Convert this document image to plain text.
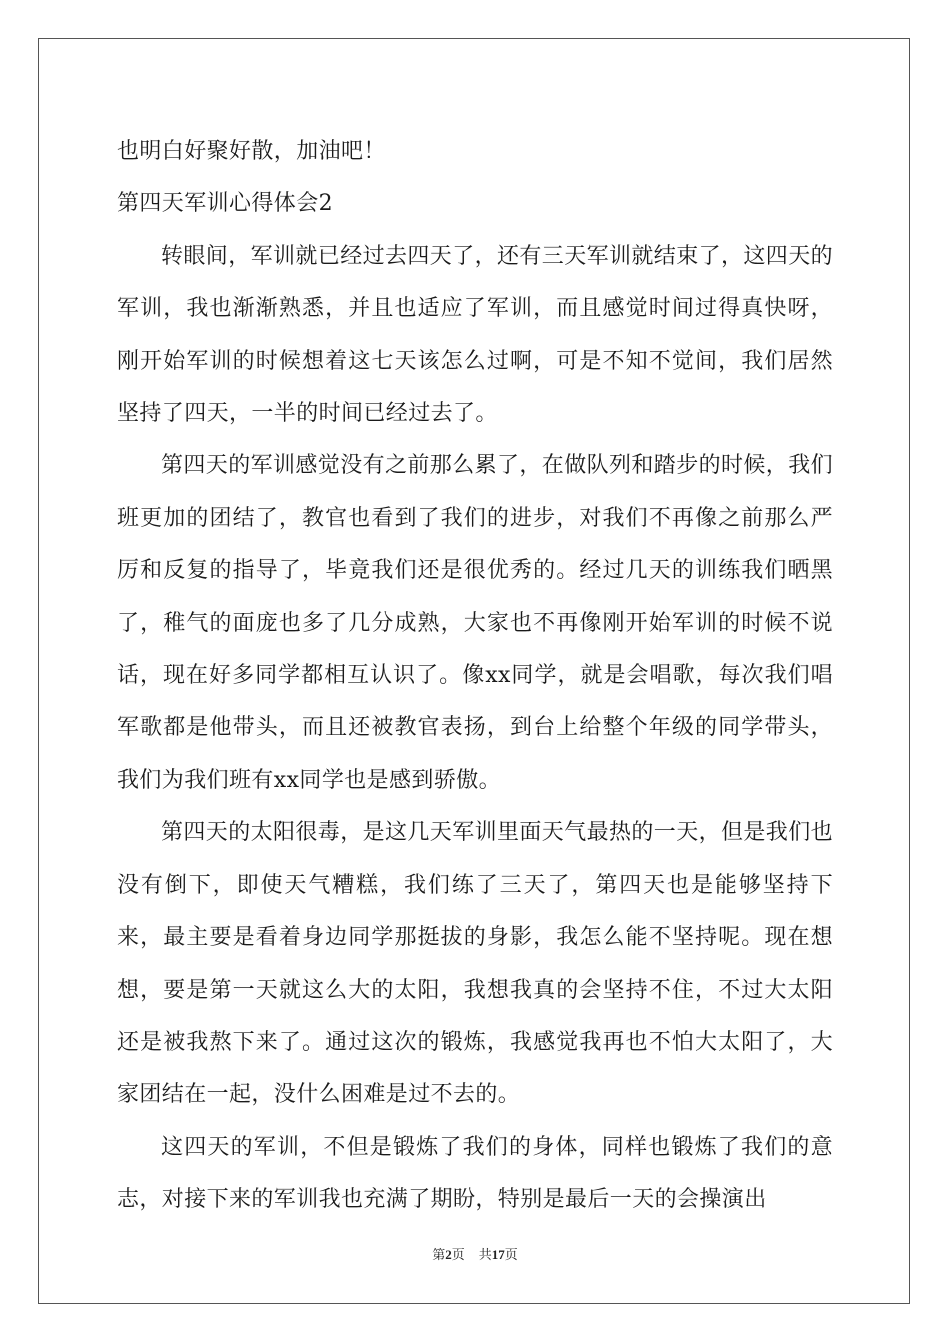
也明白好聚好散，加油吧！

第四天军训心得体会2

转眼间，军训就已经过去四天了，还有三天军训就结束了，这四天的军训，我也渐渐熟悉，并且也适应了军训，而且感觉时间过得真快呀，刚开始军训的时候想着这七天该怎么过啊，可是不知不觉间，我们居然坚持了四天，一半的时间已经过去了。

第四天的军训感觉没有之前那么累了，在做队列和踏步的时候，我们班更加的团结了，教官也看到了我们的进步，对我们不再像之前那么严厉和反复的指导了，毕竟我们还是很优秀的。经过几天的训练我们晒黑了，稚气的面庞也多了几分成熟，大家也不再像刚开始军训的时候不说话，现在好多同学都相互认识了。像xx同学，就是会唱歌，每次我们唱军歌都是他带头，而且还被教官表扬，到台上给整个年级的同学带头，我们为我们班有xx同学也是感到骄傲。

第四天的太阳很毒，是这几天军训里面天气最热的一天，但是我们也没有倒下，即使天气糟糕，我们练了三天了，第四天也是能够坚持下来，最主要是看着身边同学那挺拔的身影，我怎么能不坚持呢。现在想想，要是第一天就这么大的太阳，我想我真的会坚持不住，不过大太阳还是被我熬下来了。通过这次的锻炼，我感觉我再也不怕大太阳了，大家团结在一起，没什么困难是过不去的。

这四天的军训，不但是锻炼了我们的身体，同样也锻炼了我们的意志，对接下来的军训我也充满了期盼，特别是最后一天的会操演出

第2页 共17页
